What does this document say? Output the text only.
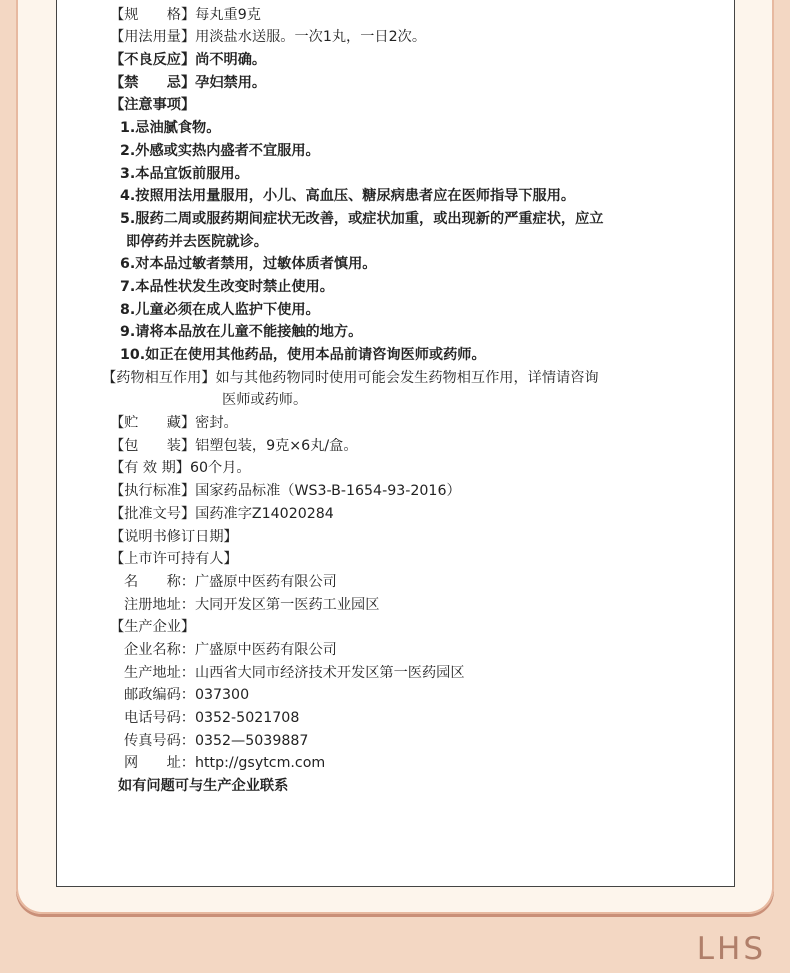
【规　　格】每丸重9克
【用法用量】用淡盐水送服。一次1丸，一日2次。
【不良反应】尚不明确。
【禁　　忌】孕妇禁用。
【注意事项】
1.忌油腻食物。
2.外感或实热内盛者不宜服用。
3.本品宜饭前服用。
4.按照用法用量服用，小儿、高血压、糖尿病患者应在医师指导下服用。
5.服药二周或服药期间症状无改善，或症状加重，或出现新的严重症状，应立
即停药并去医院就诊。
6.对本品过敏者禁用，过敏体质者慎用。
7.本品性状发生改变时禁止使用。
8.儿童必须在成人监护下使用。
9.请将本品放在儿童不能接触的地方。
10.如正在使用其他药品，使用本品前请咨询医师或药师。
【药物相互作用】如与其他药物同时使用可能会发生药物相互作用，详情请咨询
医师或药师。
【贮　　藏】密封。
【包　　装】铝塑包装，9克×6丸/盒。
【有 效 期】60个月。
【执行标准】国家药品标准（WS3-B-1654-93-2016）
【批准文号】国药准字Z14020284
【说明书修订日期】
【上市许可持有人】
名　　称：广盛原中医药有限公司
注册地址：大同开发区第一医药工业园区
【生产企业】
企业名称：广盛原中医药有限公司
生产地址：山西省大同市经济技术开发区第一医药园区
邮政编码：037300
电话号码：0352-5021708
传真号码：0352—5039887
网　　址：http://gsytcm.com
如有问题可与生产企业联系
LHS
